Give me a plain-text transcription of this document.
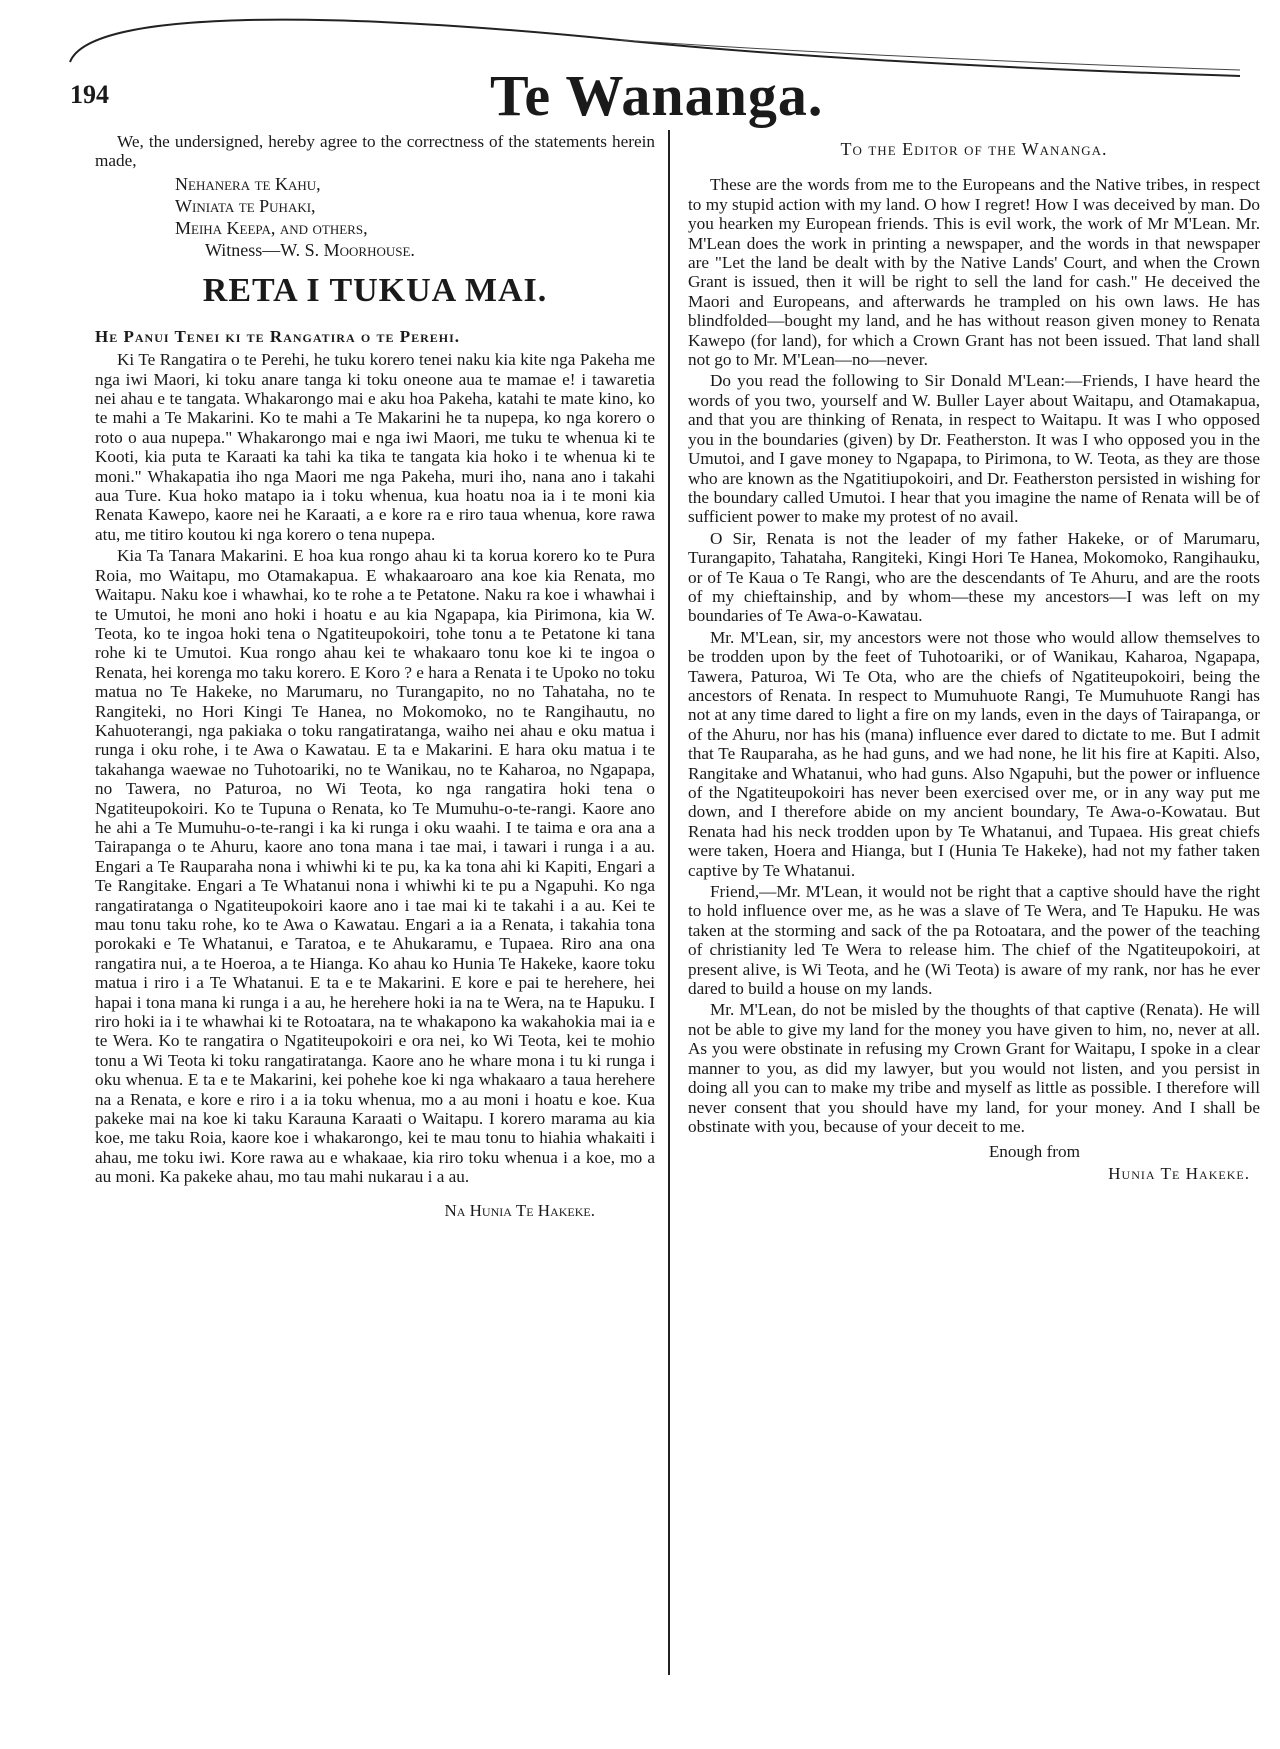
194	Te Wananga.

We, the undersigned, hereby agree to the correctness of the statements herein made,

Nehanera te Kahu,
Winiata te Puhaki,
Meiha Keepa, and others,
Witness—W. S. Moorhouse.
RETA I TUKUA MAI.
He Panui Tenei ki te Rangatira o te Perehi.

Ki Te Rangatira o te Perehi, he tuku korero tenei naku kia kite nga Pakeha me nga iwi Maori, ki toku anare tanga ki toku oneone aua te mamae e! i tawaretia nei ahau e te tangata. Whakarongo mai e aku hoa Pakeha, katahi te mate kino, ko te mahi a Te Makarini. Ko te mahi a Te Makarini he ta nupepa, ko nga korero o roto o aua nupepa." Whakarongo mai e nga iwi Maori, me tuku te whenua ki te Kooti, kia puta te Karaati ka tahi ka tika te tangata kia hoko i te whenua ki te moni." Whakapatia iho nga Maori me nga Pakeha, muri iho, nana ano i takahi aua Ture. Kua hoko matapo ia i toku whenua, kua hoatu noa ia i te moni kia Renata Kawepo, kaore nei he Karaati, a e kore ra e riro taua whenua, kore rawa atu, me titiro koutou ki nga korero o tena nupepa.

Kia Ta Tanara Makarini. E hoa kua rongo ahau ki ta korua korero ko te Pura Roia, mo Waitapu, mo Otamakapua. E whakaaroaro ana koe kia Renata, mo Waitapu. Naku koe i whawhai, ko te rohe a te Petatone. Naku ra koe i whawhai i te Umutoi, he moni ano hoki i hoatu e au kia Ngapapa, kia Pirimona, kia W. Teota, ko te ingoa hoki tena o Ngatiteupokoiri, tohe tonu a te Petatone ki tana rohe ki te Umutoi. Kua rongo ahau kei te whakaaro tonu koe ki te ingoa o Renata, hei korenga mo taku korero. E Koro ? e hara a Renata i te Upoko no toku matua no Te Hakeke, no Marumaru, no Turangapito, no no Tahataha, no te Rangiteki, no Hori Kingi Te Hanea, no Mokomoko, no te Rangihautu, no Kahuoterangi, nga pakiaka o toku rangatiratanga, waiho nei ahau e oku matua i runga i oku rohe, i te Awa o Kawatau. E ta e Makarini. E hara oku matua i te takahanga waewae no Tuhotoariki, no te Wanikau, no te Kaharoa, no Ngapapa, no Tawera, no Paturoa, no Wi Teota, ko nga rangatira hoki tena o Ngatiteupokoiri. Ko te Tupuna o Renata, ko Te Mumuhu-o-te-rangi. Kaore ano he ahi a Te Mumuhu-o-te-rangi i ka ki runga i oku waahi. I te taima e ora ana a Tairapanga o te Ahuru, kaore ano tona mana i tae mai, i tawari i runga i a au. Engari a Te Rauparaha nona i whiwhi ki te pu, ka ka tona ahi ki Kapiti, Engari a Te Rangitake. Engari a Te Whatanui nona i whiwhi ki te pu a Ngapuhi. Ko nga rangatiratanga o Ngatiteupokoiri kaore ano i tae mai ki te takahi i a au. Kei te mau tonu taku rohe, ko te Awa o Kawatau. Engari a ia a Renata, i takahia tona porokaki e Te Whatanui, e Taratoa, e te Ahukaramu, e Tupaea. Riro ana ona rangatira nui, a te Hoeroa, a te Hianga. Ko ahau ko Hunia Te Hakeke, kaore toku matua i riro i a Te Whatanui. E ta e te Makarini. E kore e pai te herehere, hei hapai i tona mana ki runga i a au, he herehere hoki ia na te Wera, na te Hapuku. I riro hoki ia i te whawhai ki te Rotoatara, na te whakapono ka wakahokia mai ia e te Wera. Ko te rangatira o Ngatiteupokoiri e ora nei, ko Wi Teota, kei te mohio tonu a Wi Teota ki toku rangatiratanga. Kaore ano he whare mona i tu ki runga i oku whenua. E ta e te Makarini, kei pohehe koe ki nga whakaaro a taua herehere na a Renata, e kore e riro i a ia toku whenua, mo a au moni i hoatu e koe. Kua pakeke mai na koe ki taku Karauna Karaati o Waitapu. I korero marama au kia koe, me taku Roia, kaore koe i whakarongo, kei te mau tonu to hiahia whakaiti i ahau, me toku iwi. Kore rawa au e whakaae, kia riro toku whenua i a koe, mo a au moni. Ka pakeke ahau, mo tau mahi nukarau i a au.

Na Hunia Te Hakeke.
To the Editor of the Wananga.

These are the words from me to the Europeans and the Native tribes, in respect to my stupid action with my land. O how I regret! How I was deceived by man. Do you hearken my European friends. This is evil work, the work of Mr M'Lean. Mr. M'Lean does the work in printing a newspaper, and the words in that newspaper are "Let the land be dealt with by the Native Lands' Court, and when the Crown Grant is issued, then it will be right to sell the land for cash." He deceived the Maori and Europeans, and afterwards he trampled on his own laws. He has blindfolded—bought my land, and he has without reason given money to Renata Kawepo (for land), for which a Crown Grant has not been issued. That land shall not go to Mr. M'Lean—no—never.

Do you read the following to Sir Donald M'Lean:—Friends, I have heard the words of you two, yourself and W. Buller Layer about Waitapu, and Otamakapua, and that you are thinking of Renata, in respect to Waitapu. It was I who opposed you in the boundaries (given) by Dr. Featherston. It was I who opposed you in the Umutoi, and I gave money to Ngapapa, to Pirimona, to W. Teota, as they are those who are known as the Ngatitiupokoiri, and Dr. Featherston persisted in wishing for the boundary called Umutoi. I hear that you imagine the name of Renata will be of sufficient power to make my protest of no avail.

O Sir, Renata is not the leader of my father Hakeke, or of Marumaru, Turangapito, Tahataha, Rangiteki, Kingi Hori Te Hanea, Mokomoko, Rangihauku, or of Te Kaua o Te Rangi, who are the descendants of Te Ahuru, and are the roots of my chieftainship, and by whom—these my ancestors—I was left on my boundaries of Te Awa-o-Kawatau.

Mr. M'Lean, sir, my ancestors were not those who would allow themselves to be trodden upon by the feet of Tuhotoariki, or of Wanikau, Kaharoa, Ngapapa, Tawera, Paturoa, Wi Te Ota, who are the chiefs of Ngatiteupokoiri, being the ancestors of Renata. In respect to Mumuhuote Rangi, Te Mumuhuote Rangi has not at any time dared to light a fire on my lands, even in the days of Tairapanga, or of the Ahuru, nor has his (mana) influence ever dared to dictate to me. But I admit that Te Rauparaha, as he had guns, and we had none, he lit his fire at Kapiti. Also, Rangitake and Whatanui, who had guns. Also Ngapuhi, but the power or influence of the Ngatiteupokoiri has never been exercised over me, or in any way put me down, and I therefore abide on my ancient boundary, Te Awa-o-Kowatau. But Renata had his neck trodden upon by Te Whatanui, and Tupaea. His great chiefs were taken, Hoera and Hianga, but I (Hunia Te Hakeke), had not my father taken captive by Te Whatanui.

Friend,—Mr. M'Lean, it would not be right that a captive should have the right to hold influence over me, as he was a slave of Te Wera, and Te Hapuku. He was taken at the storming and sack of the pa Rotoatara, and the power of the teaching of christianity led Te Wera to release him. The chief of the Ngatiteupokoiri, at present alive, is Wi Teota, and he (Wi Teota) is aware of my rank, nor has he ever dared to build a house on my lands.

Mr. M'Lean, do not be misled by the thoughts of that captive (Renata). He will not be able to give my land for the money you have given to him, no, never at all. As you were obstinate in refusing my Crown Grant for Waitapu, I spoke in a clear manner to you, as did my lawyer, but you would not listen, and you persist in doing all you can to make my tribe and myself as little as possible. I therefore will never consent that you should have my land, for your money. And I shall be obstinate with you, because of your deceit to me.

Enough from
Hunia Te Hakeke.
